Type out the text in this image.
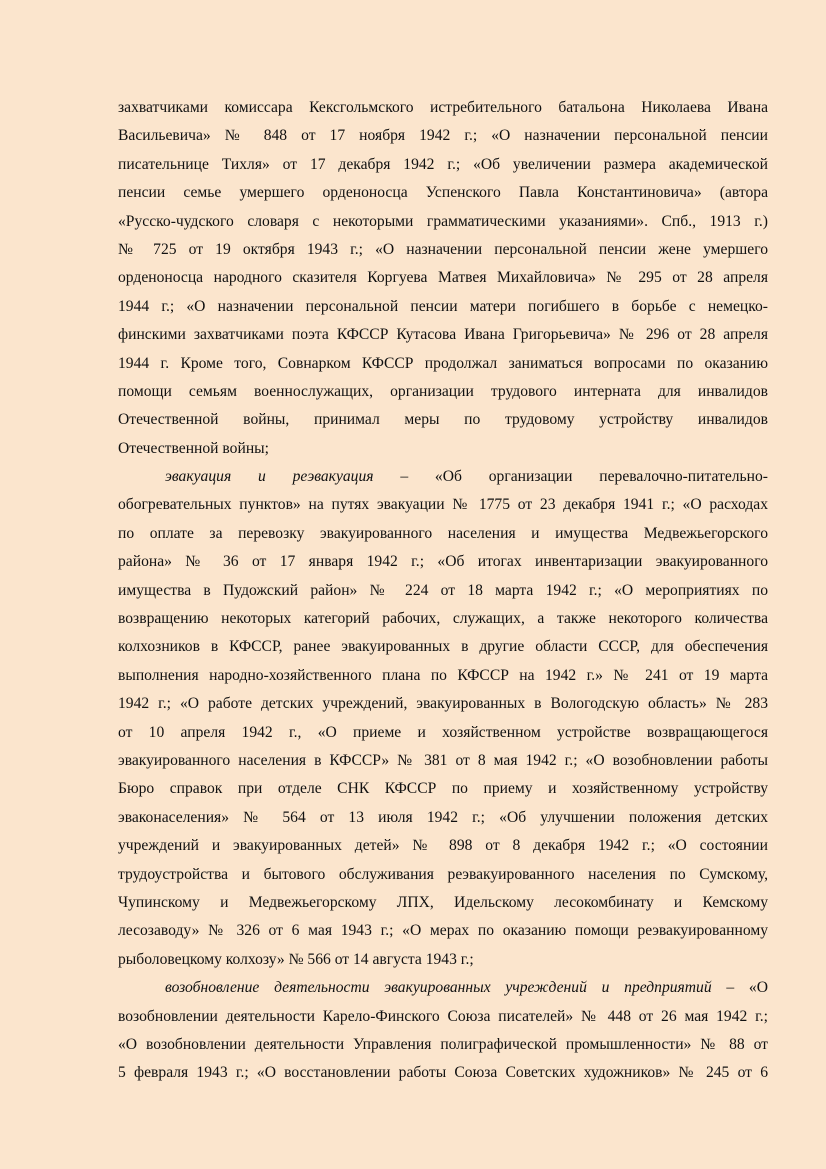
захватчиками комиссара Кексгольмского истребительного батальона Николаева Ивана
Васильевича» № 848 от 17 ноября 1942 г.; «О назначении персональной пенсии
писательнице Тихля» от 17 декабря 1942 г.; «Об увеличении размера академической
пенсии семье умершего орденоносца Успенского Павла Константиновича» (автора
«Русско-чудского словаря с некоторыми грамматическими указаниями». Спб., 1913 г.)
№ 725 от 19 октября 1943 г.; «О назначении персональной пенсии жене умершего
орденоносца народного сказителя Коргуева Матвея Михайловича» № 295 от 28 апреля
1944 г.; «О назначении персональной пенсии матери погибшего в борьбе с немецко-
финскими захватчиками поэта КФССР Кутасова Ивана Григорьевича» № 296 от 28 апреля
1944 г. Кроме того, Совнарком КФССР продолжал заниматься вопросами по оказанию
помощи семьям военнослужащих, организации трудового интерната для инвалидов
Отечественной войны, принимал меры по трудовому устройству инвалидов
Отечественной войны;
эвакуация и реэвакуация – «Об организации перевалочно-питательно-
обогревательных пунктов» на путях эвакуации № 1775 от 23 декабря 1941 г.; «О расходах
по оплате за перевозку эвакуированного населения и имущества Медвежьегорского
района» № 36 от 17 января 1942 г.; «Об итогах инвентаризации эвакуированного
имущества в Пудожский район» № 224 от 18 марта 1942 г.; «О мероприятиях по
возвращению некоторых категорий рабочих, служащих, а также некоторого количества
колхозников в КФССР, ранее эвакуированных в другие области СССР, для обеспечения
выполнения народно-хозяйственного плана по КФССР на 1942 г.» № 241 от 19 марта
1942 г.; «О работе детских учреждений, эвакуированных в Вологодскую область» № 283
от 10 апреля 1942 г., «О приеме и хозяйственном устройстве возвращающегося
эвакуированного населения в КФССР» № 381 от 8 мая 1942 г.; «О возобновлении работы
Бюро справок при отделе СНК КФССР по приему и хозяйственному устройству
эваконаселения» № 564 от 13 июля 1942 г.; «Об улучшении положения детских
учреждений и эвакуированных детей» № 898 от 8 декабря 1942 г.; «О состоянии
трудоустройства и бытового обслуживания реэвакуированного населения по Сумскому,
Чупинскому и Медвежьегорскому ЛПХ, Идельскому лесокомбинату и Кемскому
лесозаводу» № 326 от 6 мая 1943 г.; «О мерах по оказанию помощи реэвакуированному
рыболовецкому колхозу» № 566 от 14 августа 1943 г.;
возобновление деятельности эвакуированных учреждений и предприятий – «О
возобновлении деятельности Карело-Финского Союза писателей» № 448 от 26 мая 1942 г.;
«О возобновлении деятельности Управления полиграфической промышленности» № 88 от
5 февраля 1943 г.; «О восстановлении работы Союза Советских художников» № 245 от 6
